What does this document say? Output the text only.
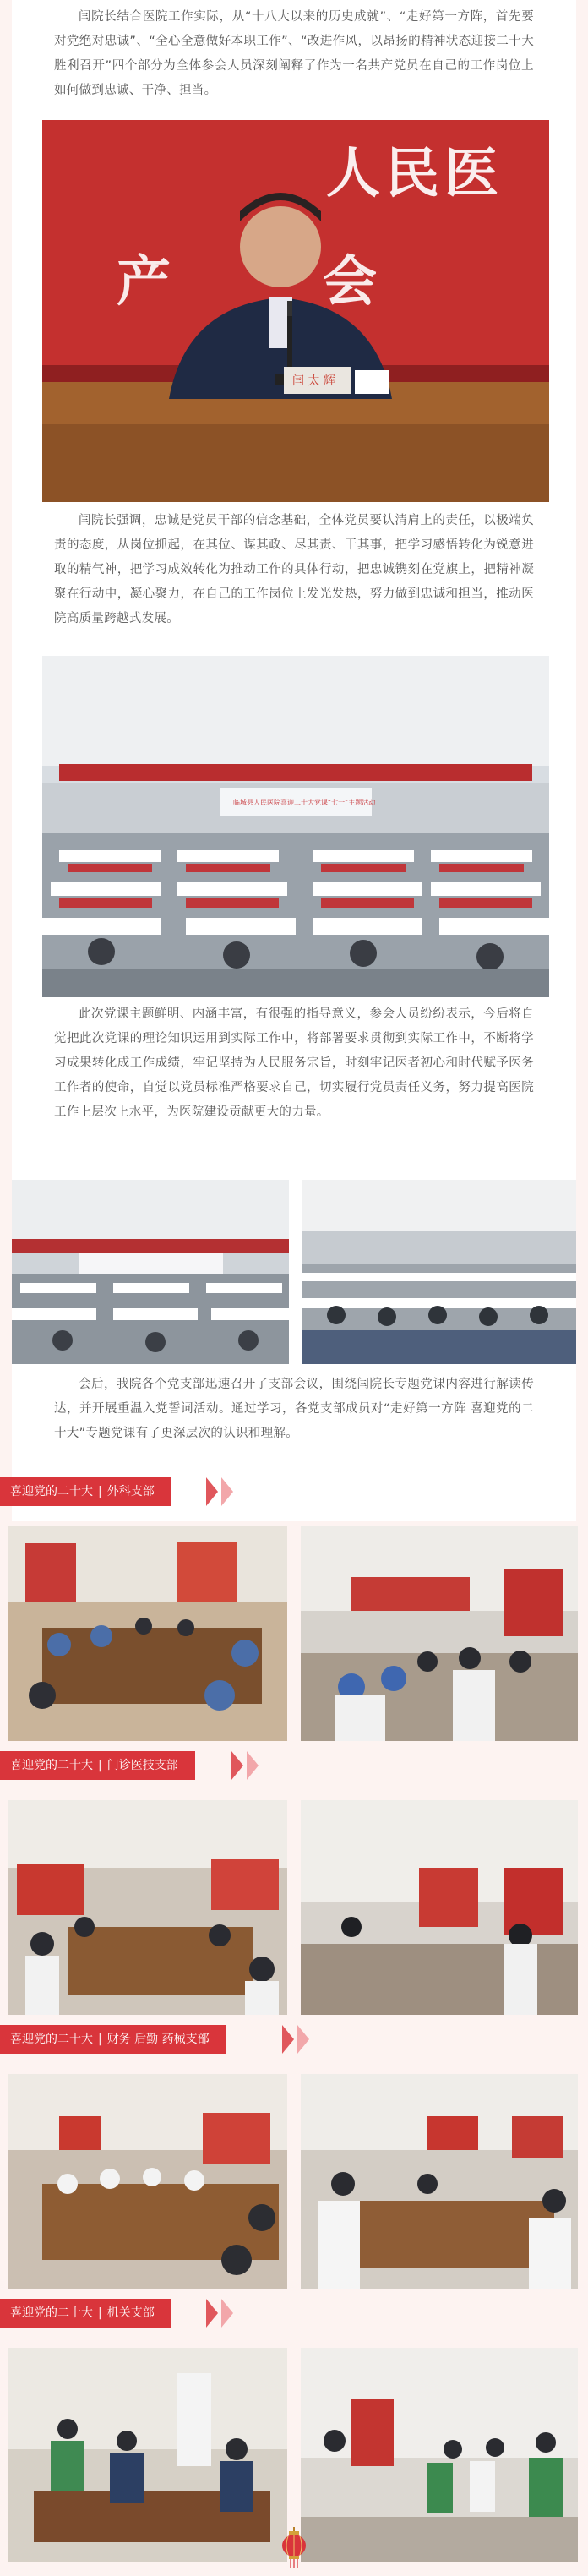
闫院长结合医院工作实际，从“十八大以来的历史成就”、“走好第一方阵，首先要对党绝对忠诚”、“全心全意做好本职工作”、“改进作风，以昂扬的精神状态迎接二十大胜利召开”四个部分为全体参会人员深刻阐释了作为一名共产党员在自己的工作岗位上如何做到忠诚、干净、担当。

人民医
产会
闫 太 辉

闫院长强调，忠诚是党员干部的信念基础，全体党员要认清肩上的责任，以极端负责的态度，从岗位抓起，在其位、谋其政、尽其责、干其事，把学习感悟转化为锐意进取的精气神，把学习成效转化为推动工作的具体行动，把忠诚镌刻在党旗上，把精神凝聚在行动中，凝心聚力，在自己的工作岗位上发光发热，努力做到忠诚和担当，推动医院高质量跨越式发展。

临城县人民医院喜迎二十大党课“七一”主题活动

此次党课主题鲜明、内涵丰富，有很强的指导意义，参会人员纷纷表示，今后将自觉把此次党课的理论知识运用到实际工作中，将部署要求贯彻到实际工作中，不断将学习成果转化成工作成绩，牢记坚持为人民服务宗旨，时刻牢记医者初心和时代赋予医务工作者的使命，自觉以党员标准严格要求自己，切实履行党员责任义务，努力提高医院工作上层次上水平，为医院建设贡献更大的力量。

会后，我院各个党支部迅速召开了支部会议，围绕闫院长专题党课内容进行解读传达，并开展重温入党誓词活动。通过学习，各党支部成员对“走好第一方阵 喜迎党的二十大”专题党课有了更深层次的认识和理解。

喜迎党的二十大 | 外科支部
喜迎党的二十大 | 门诊医技支部
喜迎党的二十大 | 财务 后勤 药械支部
喜迎党的二十大 | 机关支部
